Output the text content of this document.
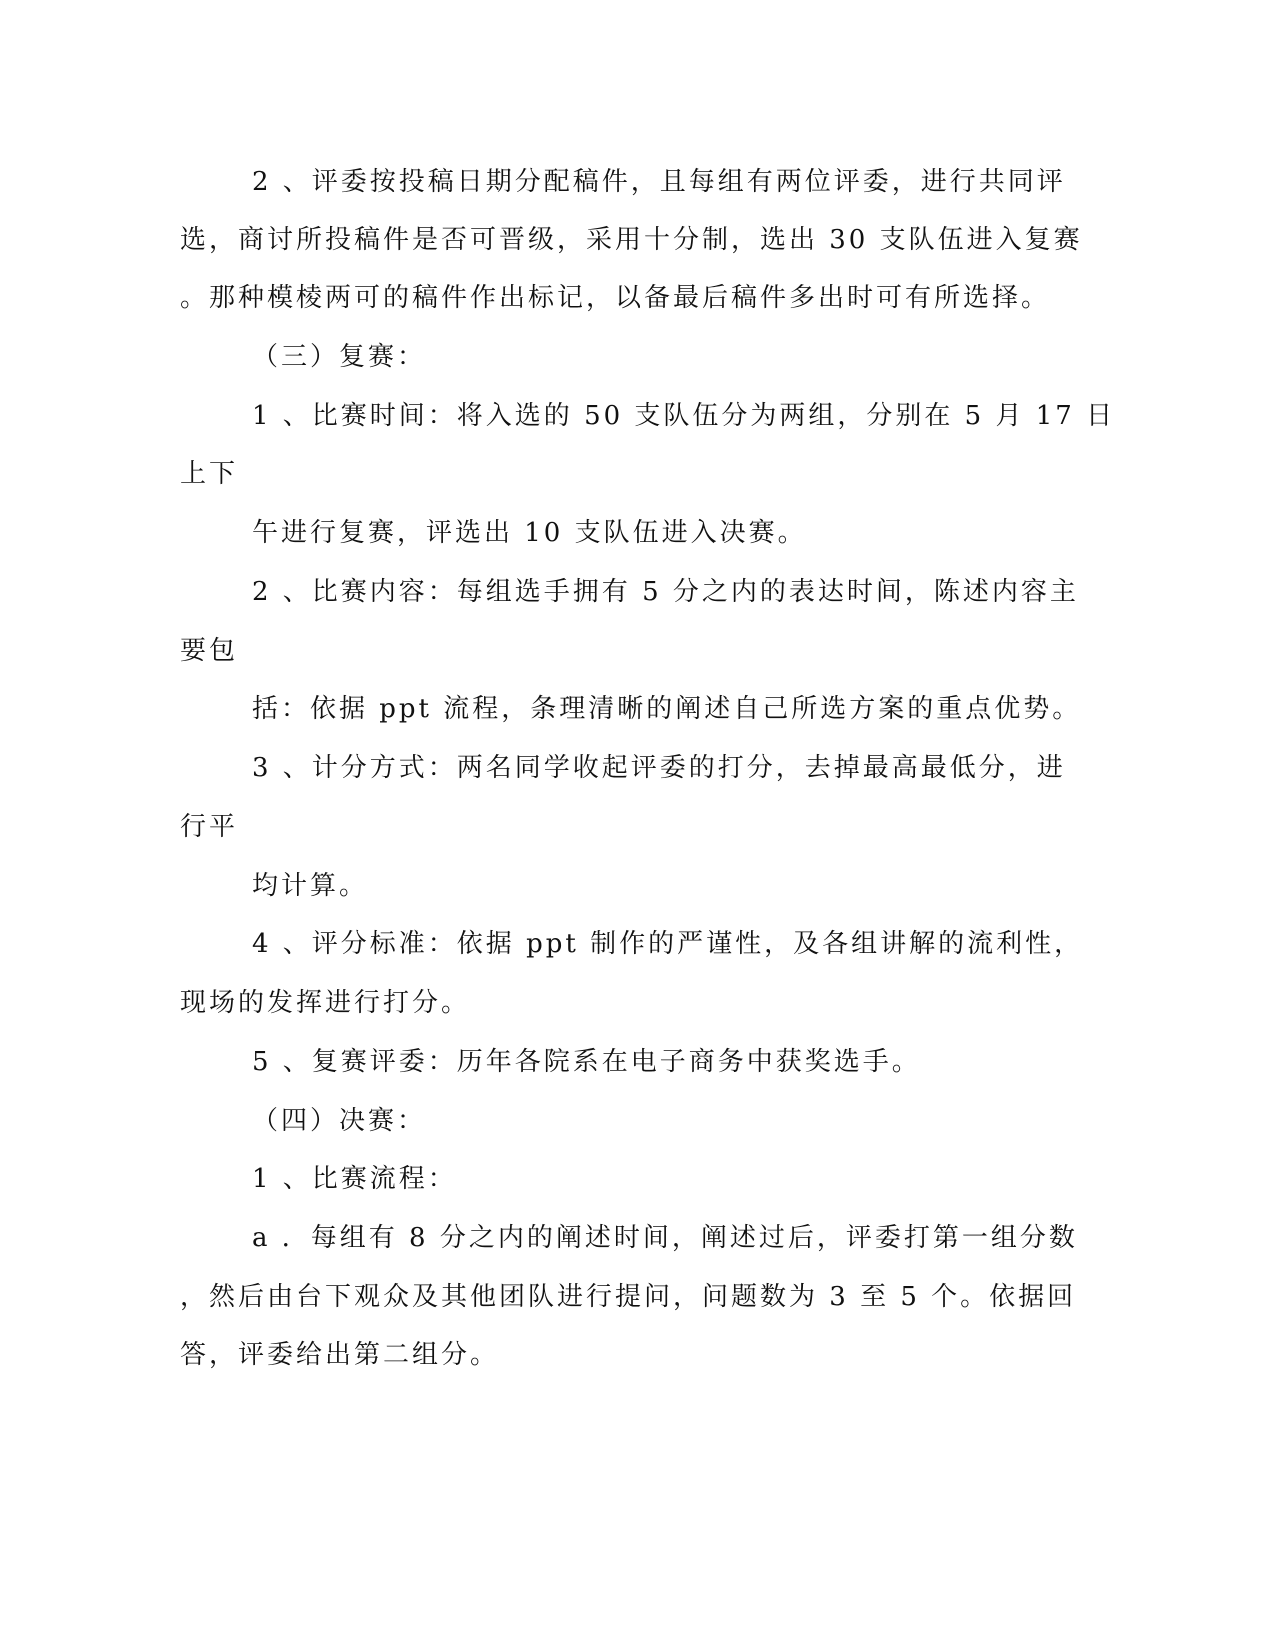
2 、评委按投稿日期分配稿件，且每组有两位评委，进行共同评
选，商讨所投稿件是否可晋级，采用十分制，选出 30 支队伍进入复赛
。那种模棱两可的稿件作出标记，以备最后稿件多出时可有所选择。
（三）复赛：
1 、比赛时间：将入选的 50 支队伍分为两组，分别在 5 月 17 日
上下
午进行复赛，评选出 10 支队伍进入决赛。
2 、比赛内容：每组选手拥有 5 分之内的表达时间，陈述内容主
要包
括：依据 ppt 流程，条理清晰的阐述自己所选方案的重点优势。
3 、计分方式：两名同学收起评委的打分，去掉最高最低分，进
行平
均计算。
4 、评分标准：依据 ppt 制作的严谨性，及各组讲解的流利性，
现场的发挥进行打分。
5 、复赛评委：历年各院系在电子商务中获奖选手。
（四）决赛：
1 、比赛流程：
a ．每组有 8 分之内的阐述时间，阐述过后，评委打第一组分数
，然后由台下观众及其他团队进行提问，问题数为 3 至 5 个。依据回
答，评委给出第二组分。
